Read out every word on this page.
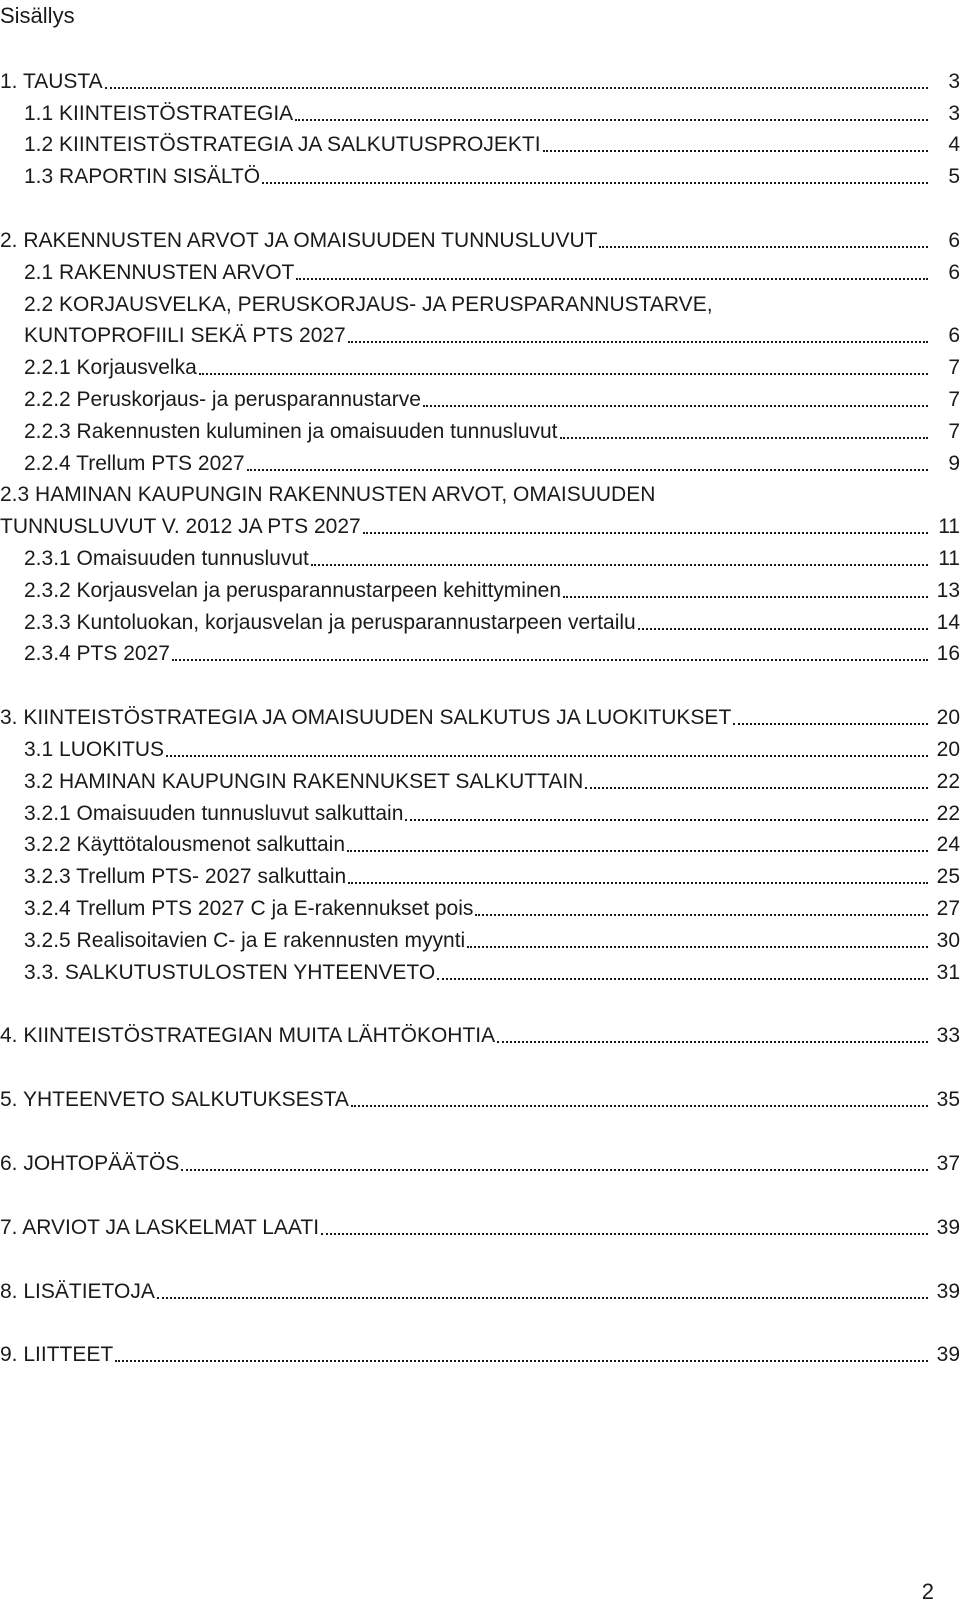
Sisällys
1. TAUSTA	3
1.1 KIINTEISTÖSTRATEGIA	3
1.2 KIINTEISTÖSTRATEGIA JA SALKUTUSPROJEKTI	4
1.3 RAPORTIN SISÄLTÖ	5
2. RAKENNUSTEN ARVOT JA OMAISUUDEN TUNNUSLUVUT	6
2.1 RAKENNUSTEN ARVOT	6
2.2 KORJAUSVELKA, PERUSKORJAUS- JA PERUSPARANNUSTARVE,
KUNTOPROFIILI SEKÄ PTS 2027	6
2.2.1 Korjausvelka	7
2.2.2 Peruskorjaus- ja perusparannustarve	7
2.2.3 Rakennusten kuluminen ja omaisuuden tunnusluvut	7
2.2.4 Trellum PTS 2027	9
2.3 HAMINAN KAUPUNGIN RAKENNUSTEN ARVOT, OMAISUUDEN
TUNNUSLUVUT V. 2012 JA PTS 2027	11
2.3.1 Omaisuuden tunnusluvut	11
2.3.2 Korjausvelan ja perusparannustarpeen kehittyminen	13
2.3.3 Kuntoluokan, korjausvelan ja perusparannustarpeen vertailu	14
2.3.4 PTS 2027	16
3. KIINTEISTÖSTRATEGIA JA OMAISUUDEN SALKUTUS JA LUOKITUKSET	20
3.1 LUOKITUS	20
3.2 HAMINAN KAUPUNGIN RAKENNUKSET SALKUTTAIN	22
3.2.1 Omaisuuden tunnusluvut salkuttain	22
3.2.2 Käyttötalousmenot salkuttain	24
3.2.3 Trellum PTS- 2027 salkuttain	25
3.2.4 Trellum PTS 2027 C ja E-rakennukset pois	27
3.2.5 Realisoitavien C- ja E rakennusten myynti	30
3.3. SALKUTUSTULOSTEN YHTEENVETO	31
4. KIINTEISTÖSTRATEGIAN MUITA LÄHTÖKOHTIA	33
5. YHTEENVETO SALKUTUKSESTA	35
6. JOHTOPÄÄTÖS	37
7. ARVIOT JA LASKELMAT LAATI	39
8. LISÄTIETOJA	39
9. LIITTEET	39
2
